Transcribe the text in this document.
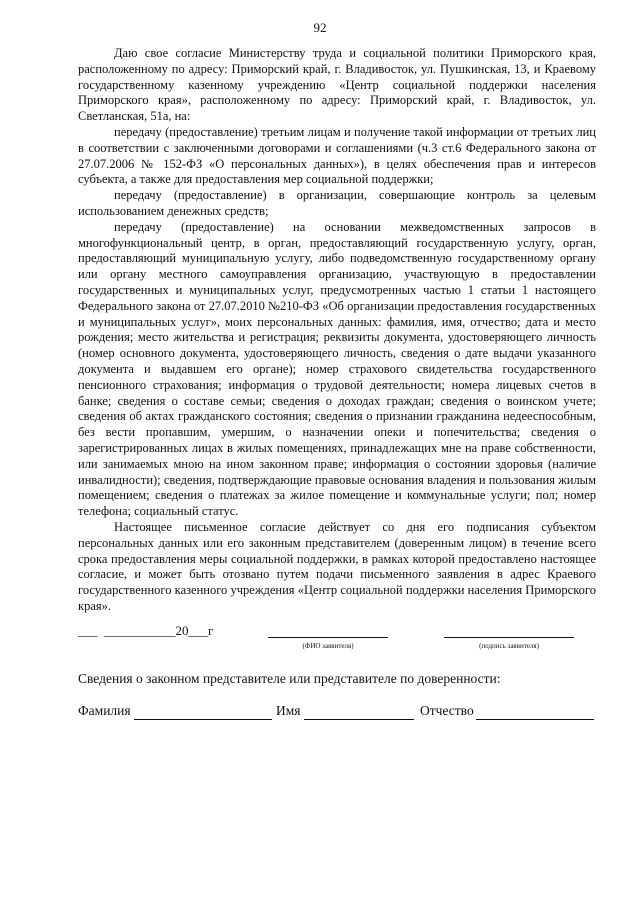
92

Даю свое согласие Министерству труда и социальной политики Приморского края, расположенному по адресу: Приморский край, г. Владивосток, ул. Пушкинская, 13, и Краевому государственному казенному учреждению «Центр социальной поддержки населения Приморского края», расположенному по адресу: Приморский край, г. Владивосток, ул. Светланская, 51а, на:

передачу (предоставление) третьим лицам и получение такой информации от третьих лиц в соответствии с заключенными договорами и соглашениями (ч.3 ст.6 Федерального закона от 27.07.2006 № 152-ФЗ «О персональных данных»), в целях обеспечения прав и интересов субъекта, а также для предоставления мер социальной поддержки;

передачу (предоставление) в организации, совершающие контроль за целевым использованием денежных средств;

передачу (предоставление) на основании межведомственных запросов в многофункциональный центр, в орган, предоставляющий государственную услугу, орган, предоставляющий муниципальную услугу, либо подведомственную государственному органу или органу местного самоуправления организацию, участвующую в предоставлении государственных и муниципальных услуг, предусмотренных частью 1 статьи 1 настоящего Федерального закона от 27.07.2010 №210-ФЗ «Об организации предоставления государственных и муниципальных услуг», моих персональных данных: фамилия, имя, отчество; дата и место рождения; место жительства и регистрация; реквизиты документа, удостоверяющего личность (номер основного документа, удостоверяющего личность, сведения о дате выдачи указанного документа и выдавшем его органе); номер страхового свидетельства государственного пенсионного страхования; информация о трудовой деятельности; номера лицевых счетов в банке; сведения о составе семьи; сведения о доходах граждан; сведения о воинском учете; сведения об актах гражданского состояния; сведения о признании гражданина недееспособным, без вести пропавшим, умершим, о назначении опеки и попечительства; сведения о зарегистрированных лицах в жилых помещениях, принадлежащих мне на праве собственности, или занимаемых мною на ином законном праве; информация о состоянии здоровья (наличие инвалидности); сведения, подтверждающие правовые основания владения и пользования жилым помещением; сведения о платежах за жилое помещение и коммунальные услуги; пол; номер телефона; социальный статус.

Настоящее письменное согласие действует со дня его подписания субъектом персональных данных или его законным представителем (доверенным лицом) в течение всего срока предоставления меры социальной поддержки, в рамках которой предоставлено настоящее согласие, и может быть отозвано путем подачи письменного заявления в адрес Краевого государственного казенного учреждения «Центр социальной поддержки населения Приморского края».

___  ___________20___г
(ФИО заявителя)	(подпись заявителя)
Сведения о законном представителе или представителе по доверенности:
Фамилия	Имя	Отчество
